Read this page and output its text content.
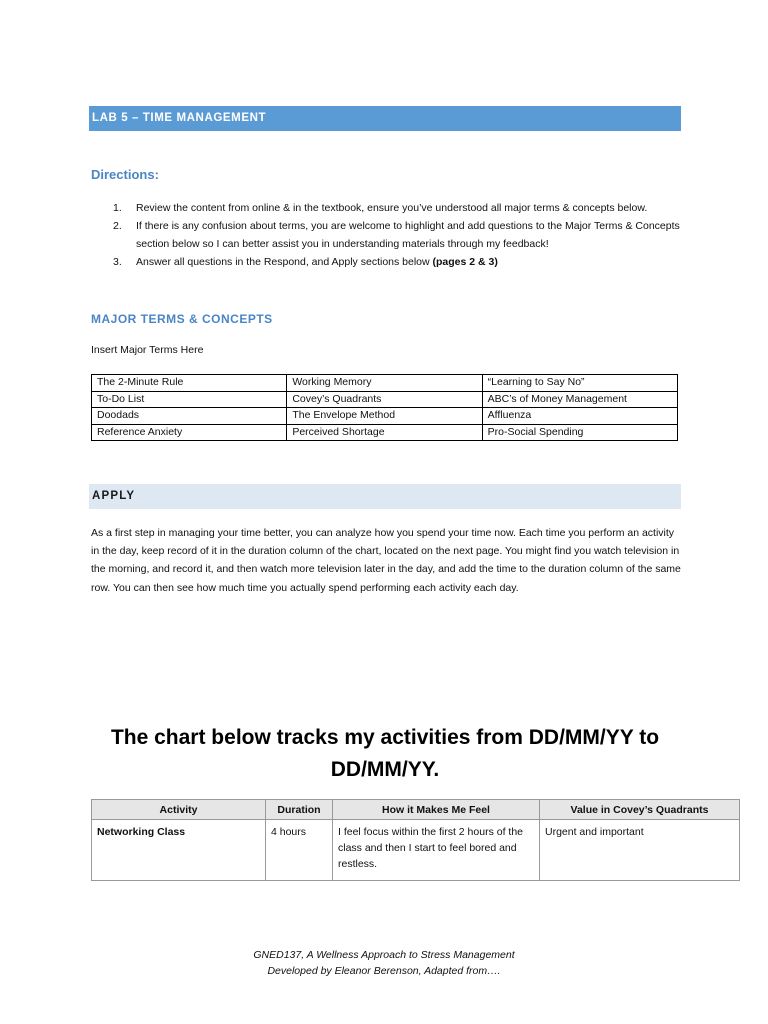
LAB 5 – TIME MANAGEMENT
Directions:
1. Review the content from online & in the textbook, ensure you’ve understood all major terms & concepts below.
2. If there is any confusion about terms, you are welcome to highlight and add questions to the Major Terms & Concepts section below so I can better assist you in understanding materials through my feedback!
3. Answer all questions in the Respond, and Apply sections below (pages 2 & 3)
MAJOR TERMS & CONCEPTS
Insert Major Terms Here
The 2-Minute Rule	Working Memory	“Learning to Say No”
To-Do List	Covey’s Quadrants	ABC’s of Money Management
Doodads	The Envelope Method	Affluenza
Reference Anxiety	Perceived Shortage	Pro-Social Spending
APPLY
As a first step in managing your time better, you can analyze how you spend your time now. Each time you perform an activity in the day, keep record of it in the duration column of the chart, located on the next page. You might find you watch television in the morning, and record it, and then watch more television later in the day, and add the time to the duration column of the same row. You can then see how much time you actually spend performing each activity each day.
The chart below tracks my activities from DD/MM/YY to DD/MM/YY.
Activity	Duration	How it Makes Me Feel	Value in Covey’s Quadrants
Networking Class	4 hours	I feel focus within the first 2 hours of the class and then I start to feel bored and restless.	Urgent and important
GNED137, A Wellness Approach to Stress Management
Developed by Eleanor Berenson, Adapted from….
